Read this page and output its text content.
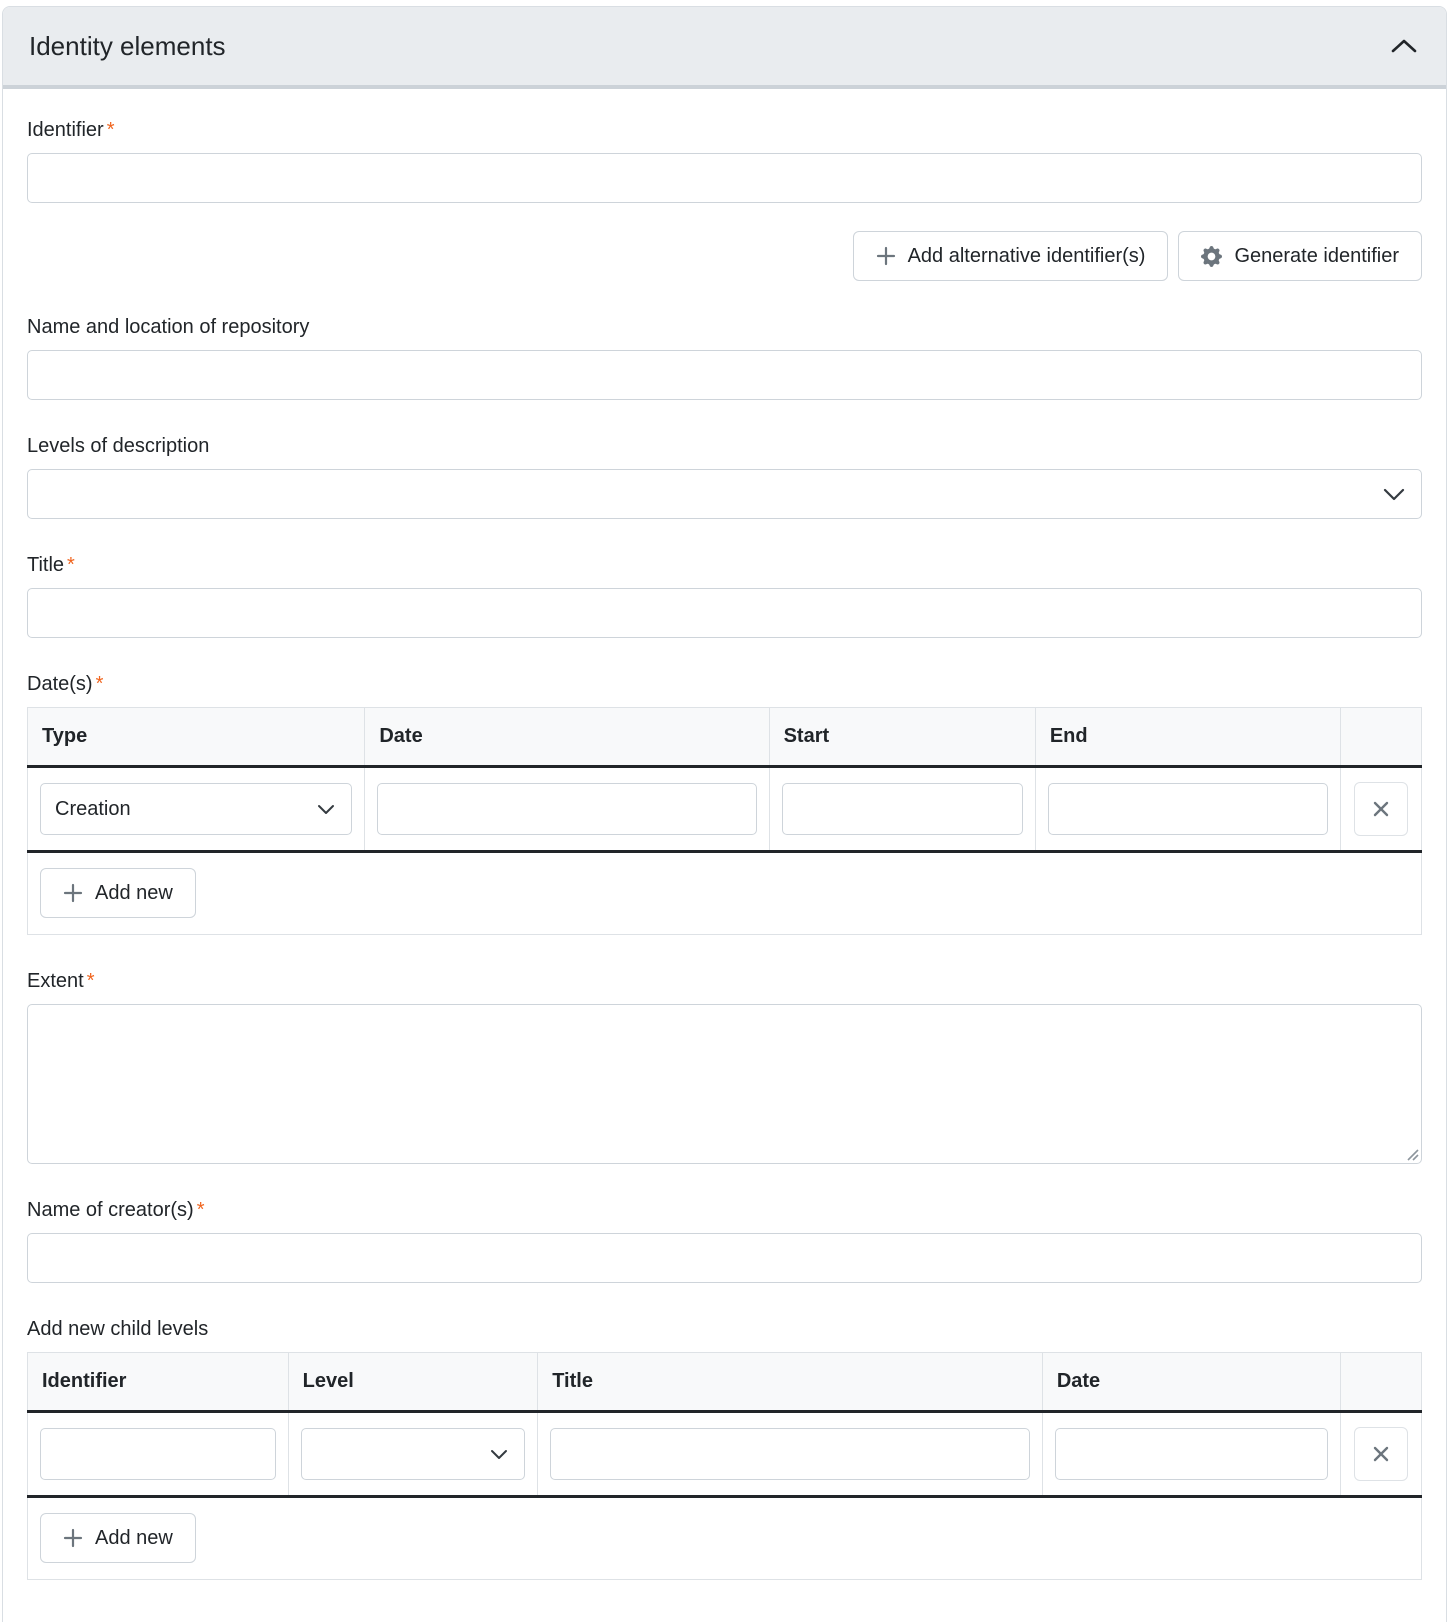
Identity elements
Identifier *
Add alternative identifier(s)	Generate identifier
Name and location of repository
Levels of description
Title *
Date(s) *
Type	Date	Start	End	

Creation

Add new				
Extent *
Name of creator(s) *
Add new child levels
Identifier	Level	Title	Date	

Add new				
